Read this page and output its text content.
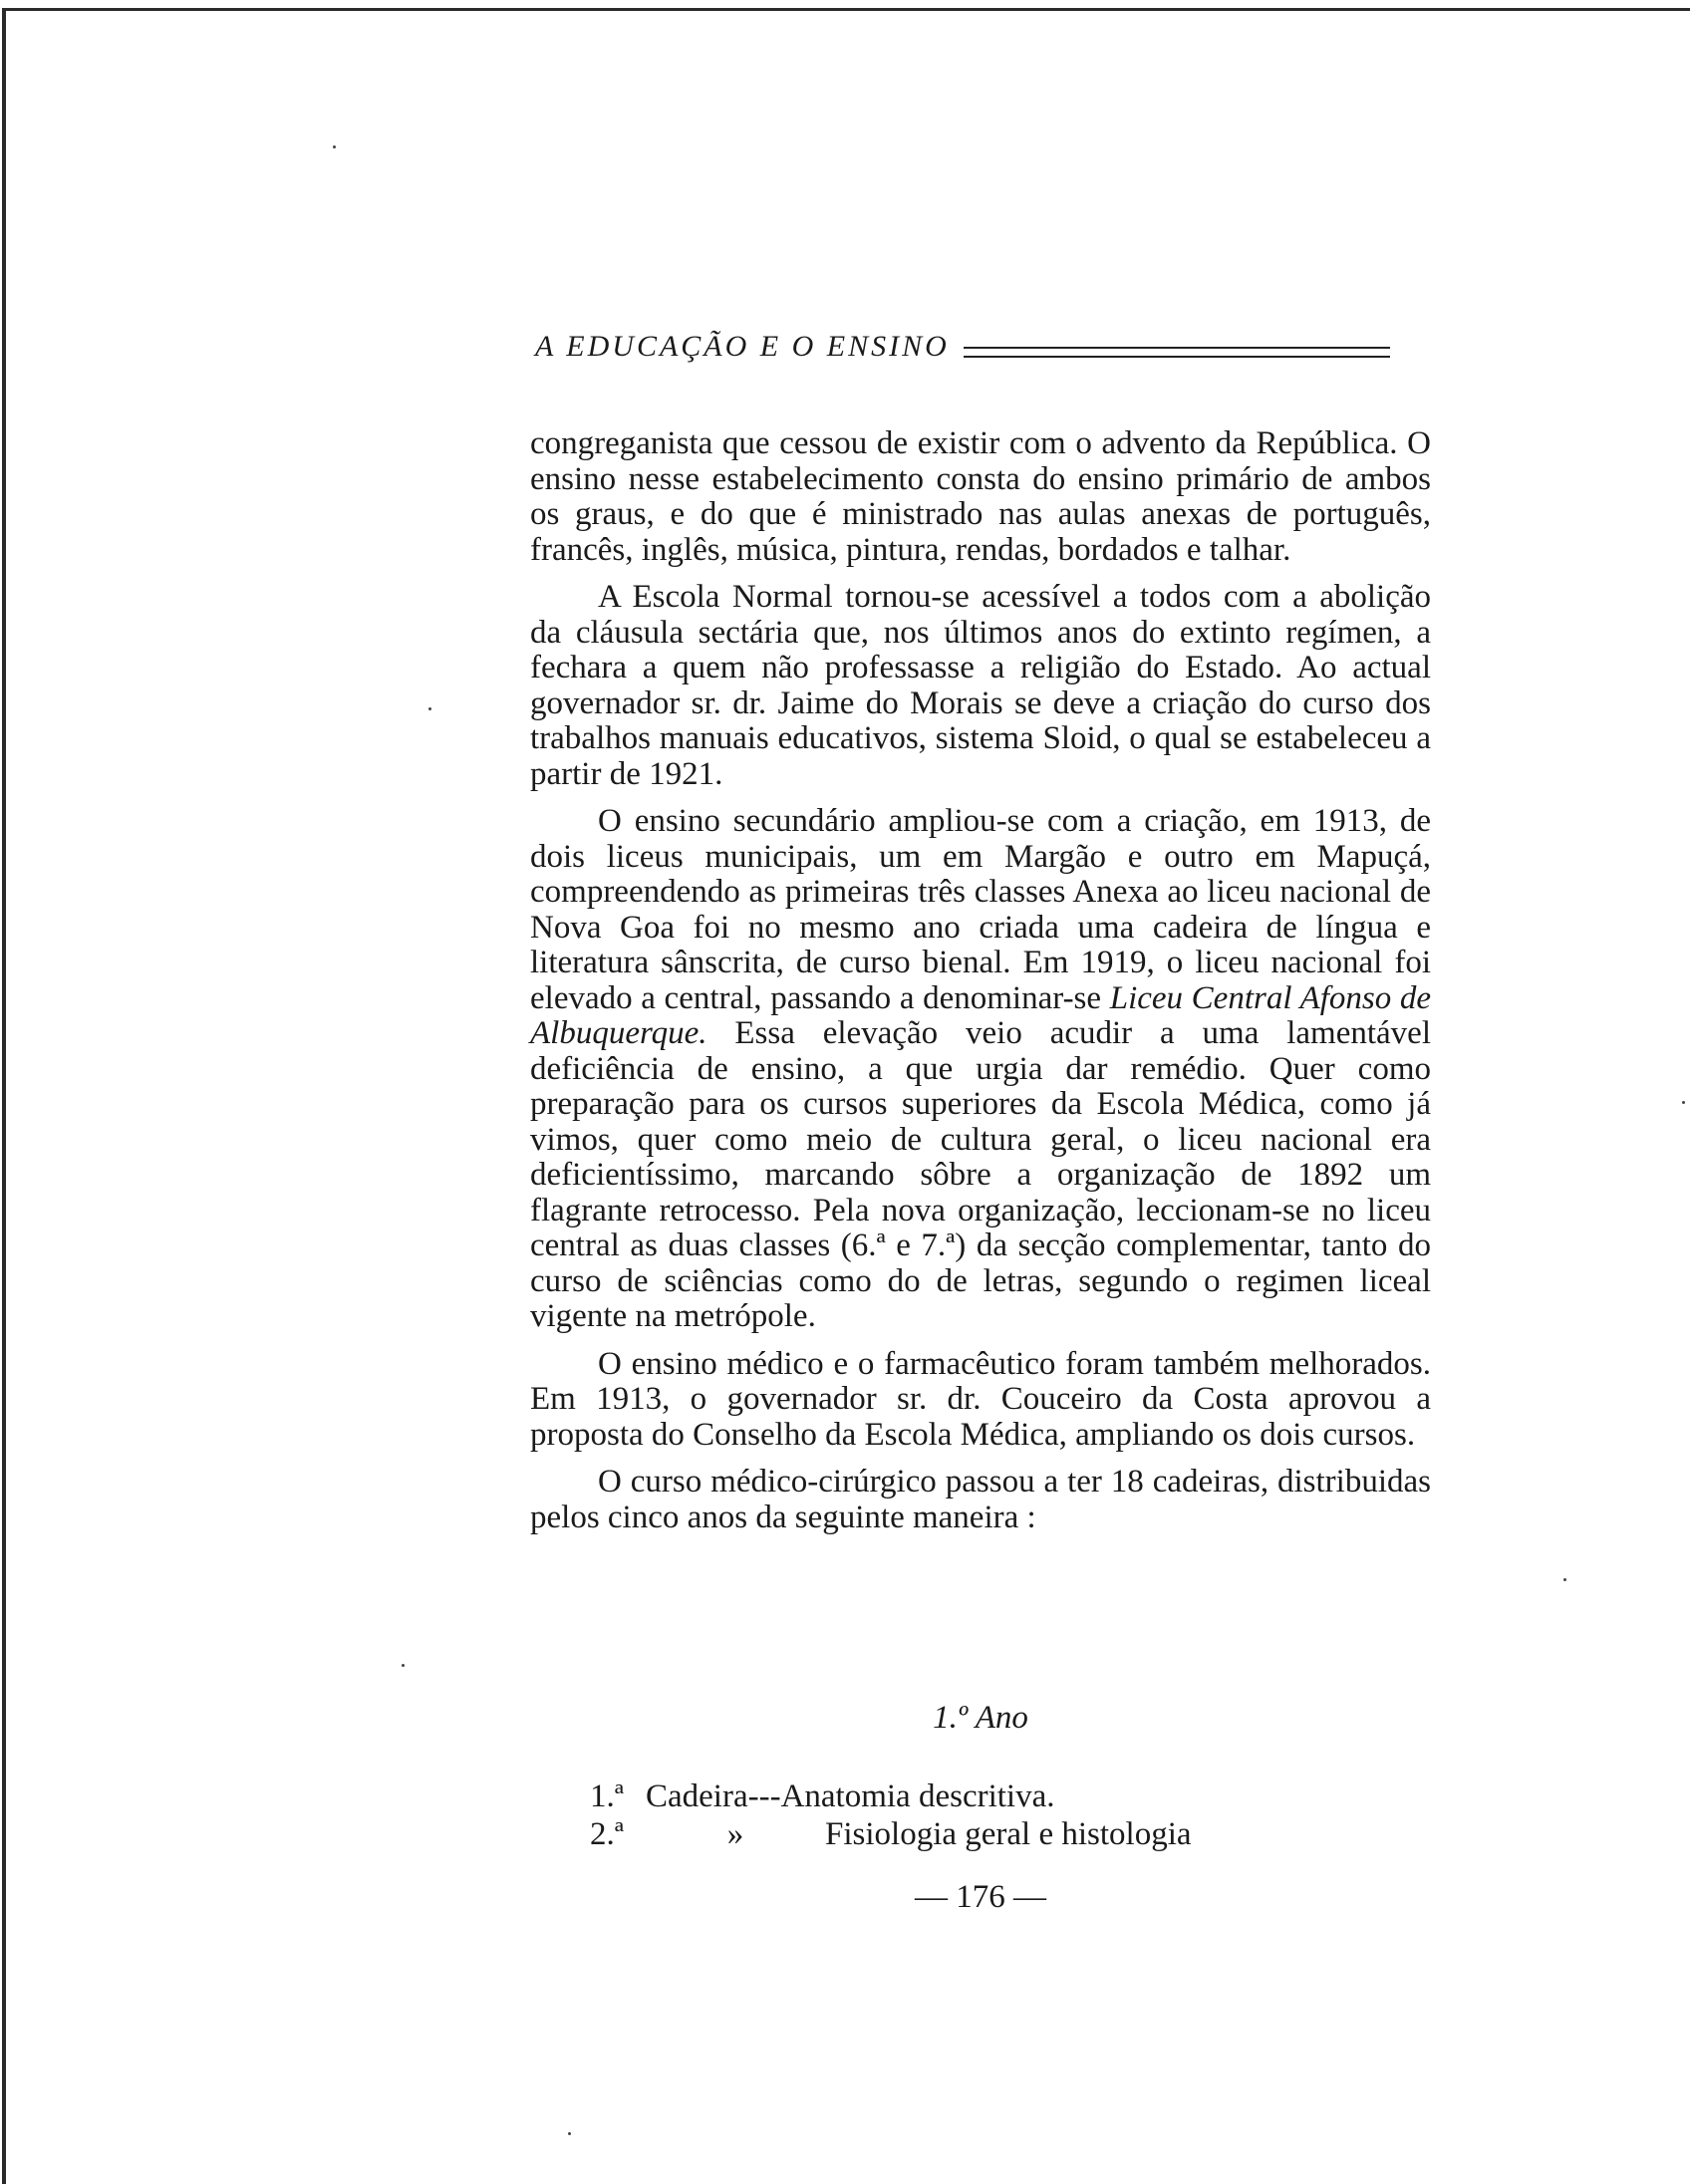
A EDUCAÇÃO E O ENSINO

congreganista que cessou de existir com o advento da República. O ensino nesse estabelecimento consta do ensino primário de ambos os graus, e do que é ministrado nas aulas anexas de português, francês, inglês, música, pintura, rendas, bordados e talhar.

A Escola Normal tornou-se acessível a todos com a abolição da cláusula sectária que, nos últimos anos do extinto regímen, a fechara a quem não professasse a religião do Estado. Ao actual governador sr. dr. Jaime do Morais se deve a criação do curso dos trabalhos manuais educativos, sistema Sloid, o qual se estabeleceu a partir de 1921.

O ensino secundário ampliou-se com a criação, em 1913, de dois liceus municipais, um em Margão e outro em Mapuçá, compreendendo as primeiras três classes Anexa ao liceu nacional de Nova Goa foi no mesmo ano criada uma cadeira de língua e literatura sânscrita, de curso bienal. Em 1919, o liceu nacional foi elevado a central, passando a denominar-se Liceu Central Afonso de Albuquerque. Essa elevação veio acudir a uma lamentável deficiência de ensino, a que urgia dar remédio. Quer como preparação para os cursos superiores da Escola Médica, como já vimos, quer como meio de cultura geral, o liceu nacional era deficientíssimo, marcando sôbre a organização de 1892 um flagrante retrocesso. Pela nova organização, leccionam-se no liceu central as duas classes (6.ª e 7.ª) da secção complementar, tanto do curso de sciências como do de letras, segundo o regimen liceal vigente na metrópole.

O ensino médico e o farmacêutico foram também melhorados. Em 1913, o governador sr. dr. Couceiro da Costa aprovou a proposta do Conselho da Escola Médica, ampliando os dois cursos.

O curso médico-cirúrgico passou a ter 18 cadeiras, distribuidas pelos cinco anos da seguinte maneira :

1.º Ano
1.ª Cadeira---Anatomia descritiva.
2.ª	»	Fisiologia geral e histologia
— 176 —
